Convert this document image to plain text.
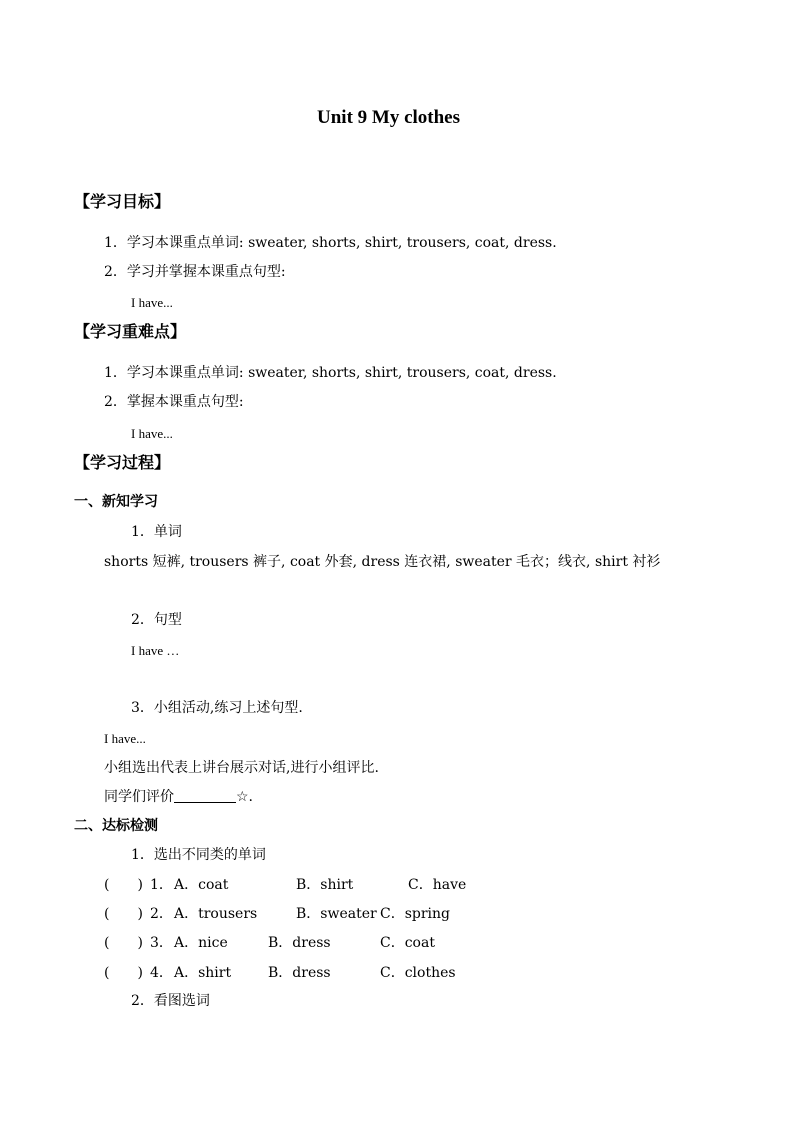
Unit 9 My clothes
【学习目标】
1．学习本课重点单词: sweater, shorts, shirt, trousers, coat, dress.
2．学习并掌握本课重点句型:
I have...
【学习重难点】
1．学习本课重点单词: sweater, shorts, shirt, trousers, coat, dress.
2．掌握本课重点句型:
I have...
【学习过程】
一、新知学习
1．单词
shorts 短裤, trousers 裤子, coat 外套, dress 连衣裙, sweater 毛衣；线衣, shirt 衬衫
2．句型
I have …
3．小组活动,练习上述句型.
I have...
小组选出代表上讲台展示对话,进行小组评比.
同学们评价	☆.
二、达标检测
1．选出不同类的单词
(　　) 1． A．coat	B．shirt	C．have
(　　) 2． A．trousers	B．sweater C．spring
(　　) 3． A．nice	B．dress	C．coat
(　　) 4． A．shirt	B．dress	C．clothes
2．看图选词
